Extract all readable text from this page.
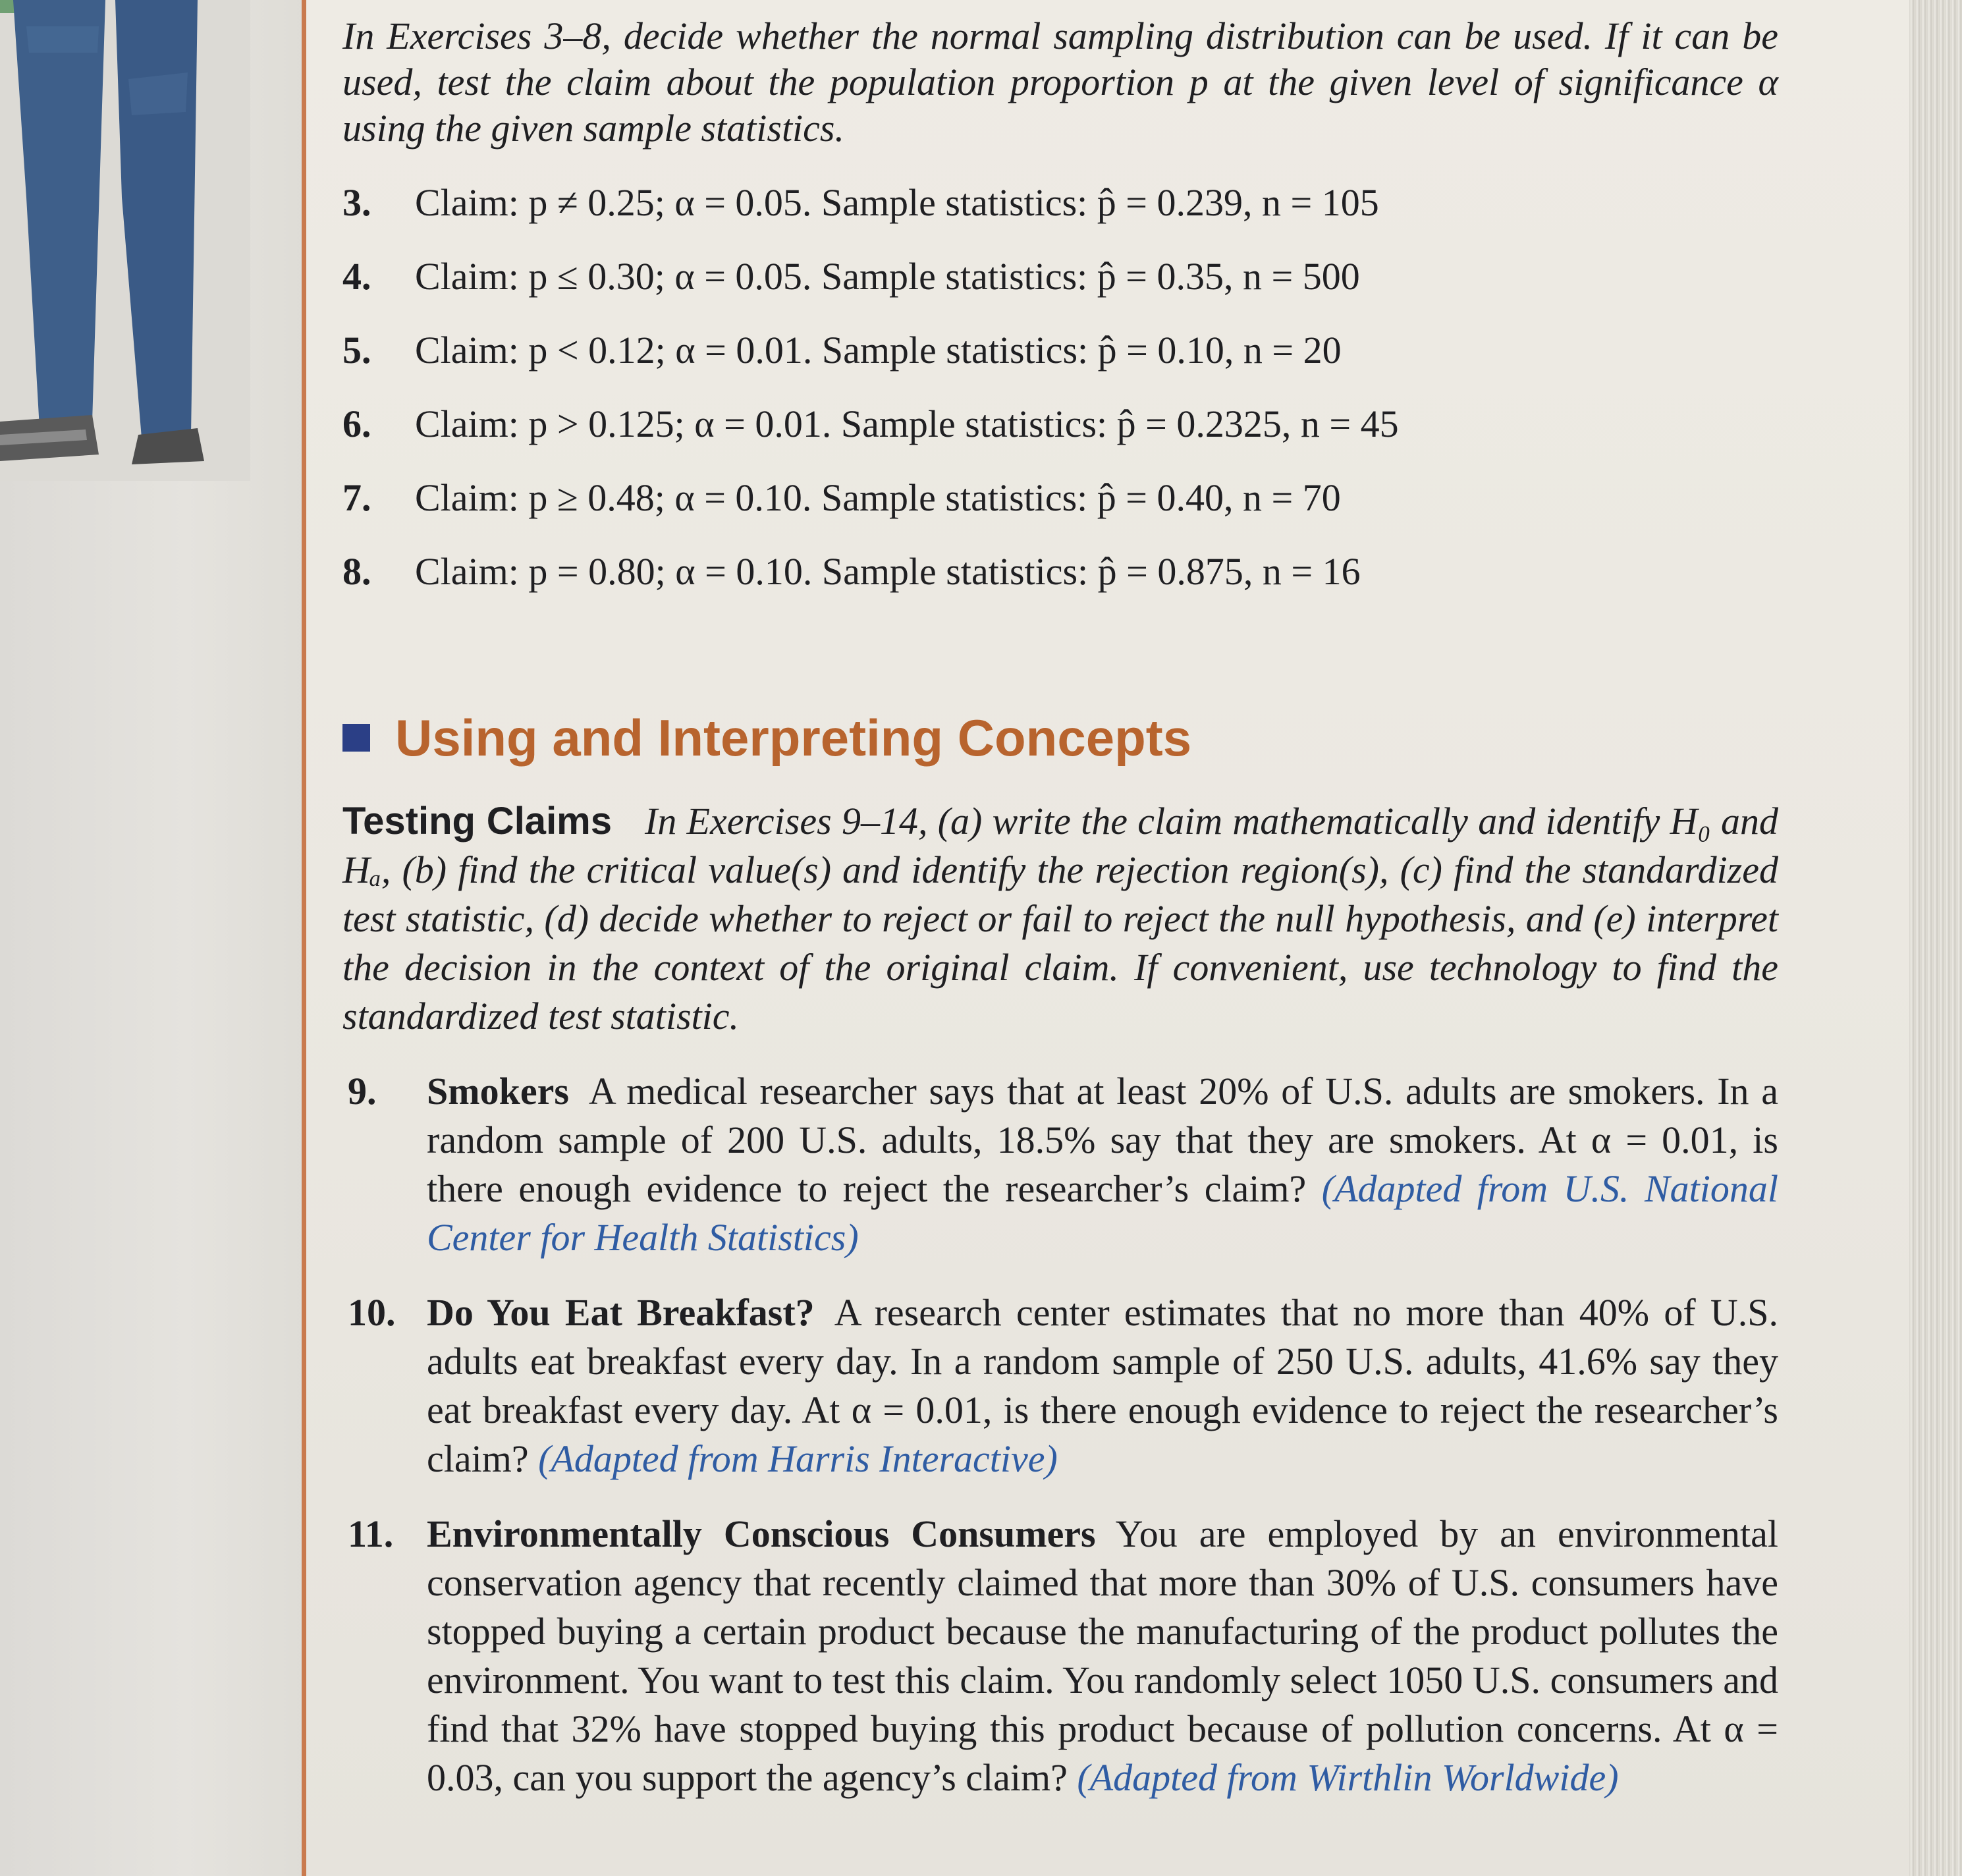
In Exercises 3–8, decide whether the normal sampling distribution can be used. If it can be used, test the claim about the population proportion p at the given level of significance α using the given sample statistics.

3.	Claim:
p ≠ 0.25; α = 0.05.
Sample statistics:
p̂ = 0.239, n = 105
4.	Claim:
p ≤ 0.30; α = 0.05.
Sample statistics:
p̂ = 0.35, n = 500
5.	Claim:
p < 0.12; α = 0.01.
Sample statistics:
p̂ = 0.10, n = 20
6.	Claim:
p > 0.125; α = 0.01.
Sample statistics:
p̂ = 0.2325, n = 45
7.	Claim:
p ≥ 0.48; α = 0.10.
Sample statistics:
p̂ = 0.40, n = 70
8.	Claim:
p = 0.80; α = 0.10.
Sample statistics:
p̂ = 0.875, n = 16
Using and Interpreting Concepts
Testing Claims In Exercises 9–14, (a) write the claim mathematically and identify H₀ and Hₐ, (b) find the critical value(s) and identify the rejection region(s), (c) find the standardized test statistic, (d) decide whether to reject or fail to reject the null hypothesis, and (e) interpret the decision in the context of the original claim. If convenient, use technology to find the standardized test statistic.
9.	Smokers A medical researcher says that at least 20% of U.S. adults are smokers. In a random sample of 200 U.S. adults, 18.5% say that they are smokers. At α = 0.01, is there enough evidence to reject the researcher’s claim? (Adapted from U.S. National Center for Health Statistics)
10. Do You Eat Breakfast? A research center estimates that no more than 40% of U.S. adults eat breakfast every day. In a random sample of 250 U.S. adults, 41.6% say they eat breakfast every day. At α = 0.01, is there enough evidence to reject the researcher’s claim? (Adapted from Harris Interactive)
11. Environmentally Conscious Consumers You are employed by an environmental conservation agency that recently claimed that more than 30% of U.S. consumers have stopped buying a certain product because the manufacturing of the product pollutes the environment. You want to test this claim. You randomly select 1050 U.S. consumers and find that 32% have stopped buying this product because of pollution concerns. At α = 0.03, can you support the agency’s claim? (Adapted from Wirthlin Worldwide)
